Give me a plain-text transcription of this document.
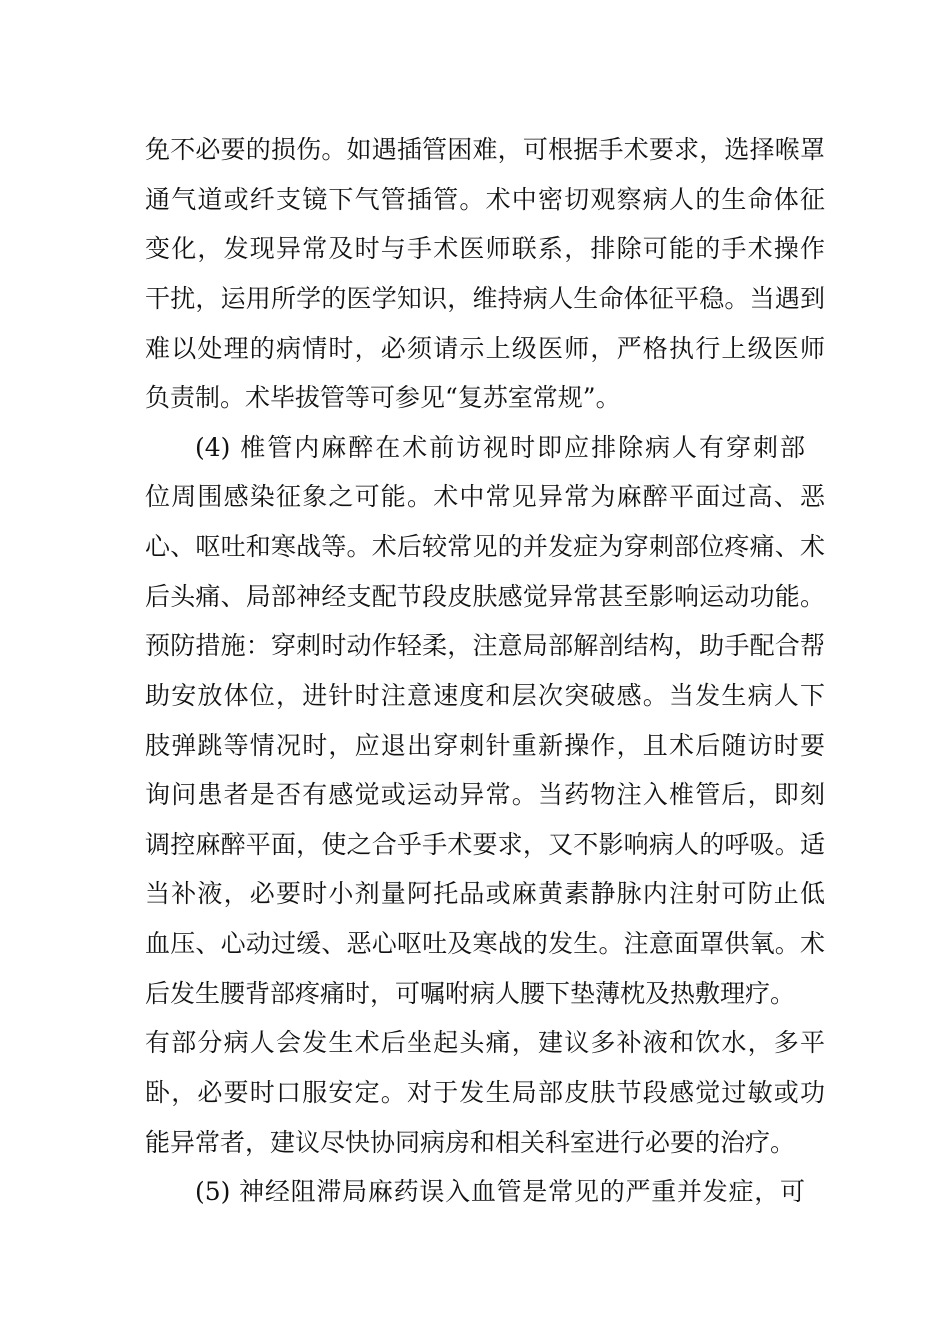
免不必要的损伤。如遇插管困难，可根据手术要求，选择喉罩
通气道或纤支镜下气管插管。术中密切观察病人的生命体征
变化，发现异常及时与手术医师联系，排除可能的手术操作
干扰，运用所学的医学知识，维持病人生命体征平稳。当遇到
难以处理的病情时，必须请示上级医师，严格执行上级医师
负责制。术毕拔管等可参见“复苏室常规”。
(4) 椎管内麻醉在术前访视时即应排除病人有穿刺部
位周围感染征象之可能。术中常见异常为麻醉平面过高、恶
心、呕吐和寒战等。术后较常见的并发症为穿刺部位疼痛、术
后头痛、局部神经支配节段皮肤感觉异常甚至影响运动功能。
预防措施：穿刺时动作轻柔，注意局部解剖结构，助手配合帮
助安放体位，进针时注意速度和层次突破感。当发生病人下
肢弹跳等情况时，应退出穿刺针重新操作，且术后随访时要
询问患者是否有感觉或运动异常。当药物注入椎管后，即刻
调控麻醉平面，使之合乎手术要求，又不影响病人的呼吸。适
当补液，必要时小剂量阿托品或麻黄素静脉内注射可防止低
血压、心动过缓、恶心呕吐及寒战的发生。注意面罩供氧。术
后发生腰背部疼痛时，可嘱咐病人腰下垫薄枕及热敷理疗。
有部分病人会发生术后坐起头痛，建议多补液和饮水，多平
卧，必要时口服安定。对于发生局部皮肤节段感觉过敏或功
能异常者，建议尽快协同病房和相关科室进行必要的治疗。
(5) 神经阻滞局麻药误入血管是常见的严重并发症，可
